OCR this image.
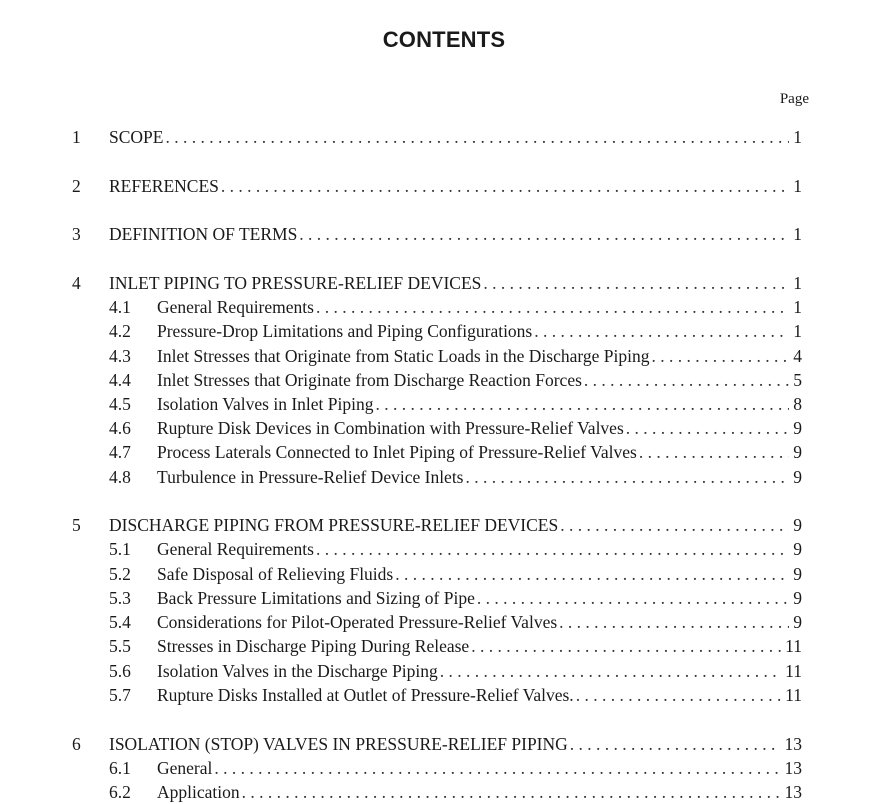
CONTENTS
Page
1 SCOPE . . .	1
2 REFERENCES . . .	1
3 DEFINITION OF TERMS . . .	1
4 INLET PIPING TO PRESSURE-RELIEF DEVICES . . .	1
4.1 General Requirements . . .	1
4.2 Pressure-Drop Limitations and Piping Configurations . . .	1
4.3 Inlet Stresses that Originate from Static Loads in the Discharge Piping . . .	4
4.4 Inlet Stresses that Originate from Discharge Reaction Forces . . .	5
4.5 Isolation Valves in Inlet Piping . . .	8
4.6 Rupture Disk Devices in Combination with Pressure-Relief Valves . . .	9
4.7 Process Laterals Connected to Inlet Piping of Pressure-Relief Valves . . .	9
4.8 Turbulence in Pressure-Relief Device Inlets . . .	9
5 DISCHARGE PIPING FROM PRESSURE-RELIEF DEVICES . . .	9
5.1 General Requirements . . .	9
5.2 Safe Disposal of Relieving Fluids . . .	9
5.3 Back Pressure Limitations and Sizing of Pipe . . .	9
5.4 Considerations for Pilot-Operated Pressure-Relief Valves . . .	9
5.5 Stresses in Discharge Piping During Release . . .	11
5.6 Isolation Valves in the Discharge Piping . . .	11
5.7 Rupture Disks Installed at Outlet of Pressure-Relief Valves. . . .	11
6 ISOLATION (STOP) VALVES IN PRESSURE-RELIEF PIPING . . .	13
6.1 General . . .	13
6.2 Application . . .	13
